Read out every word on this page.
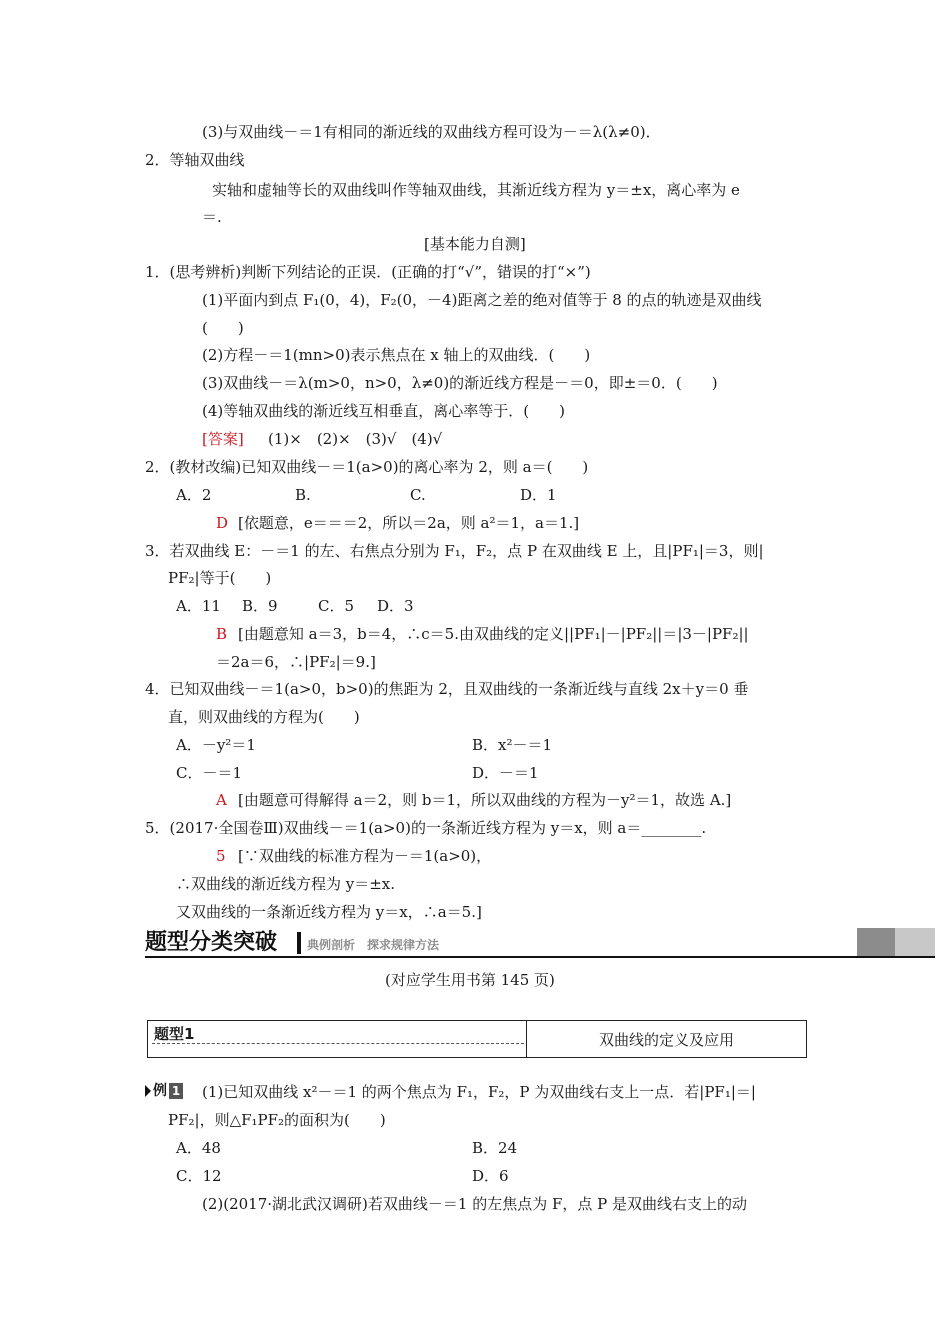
(3)与双曲线－＝1有相同的渐近线的双曲线方程可设为－＝λ(λ≠0)．
2．等轴双曲线
实轴和虚轴等长的双曲线叫作等轴双曲线，其渐近线方程为 y＝±x，离心率为 e
＝.
[基本能力自测]
1．(思考辨析)判断下列结论的正误．(正确的打“√”，错误的打“×”)
(1)平面内到点 F₁(0，4)，F₂(0，－4)距离之差的绝对值等于 8 的点的轨迹是双曲线
(　　)
(2)方程－＝1(mn>0)表示焦点在 x 轴上的双曲线．(　　)
(3)双曲线－＝λ(m>0，n>0，λ≠0)的渐近线方程是－＝0，即±＝0．(　　)
(4)等轴双曲线的渐近线互相垂直，离心率等于．(　　)
[答案] (1)×　(2)×　(3)√　(4)√
2．(教材改编)已知双曲线－＝1(a>0)的离心率为 2，则 a＝(　　)
A．2	B.	C.	D．1
D [依题意，e＝＝＝2，所以＝2a，则 a²＝1，a＝1.]
3．若双曲线 E：－＝1 的左、右焦点分别为 F₁，F₂，点 P 在双曲线 E 上，且|PF₁|＝3，则|
PF₂|等于(　　)
A．11 B．9	C．5 D．3
B [由题意知 a＝3，b＝4，∴c＝5.由双曲线的定义||PF₁|－|PF₂||＝|3－|PF₂||
＝2a＝6，∴|PF₂|＝9.]
4．已知双曲线－＝1(a>0，b>0)的焦距为 2，且双曲线的一条渐近线与直线 2x＋y＝0 垂
直，则双曲线的方程为(　　)
A．－y²＝1	B．x²－＝1
C．－＝1	D．－＝1
A [由题意可得解得 a＝2，则 b＝1，所以双曲线的方程为－y²＝1，故选 A.]
5．(2017·全国卷Ⅲ)双曲线－＝1(a>0)的一条渐近线方程为 y＝x，则 a＝________.
5 [∵双曲线的标准方程为－＝1(a>0)，
∴双曲线的渐近线方程为 y＝±x.
又双曲线的一条渐近线方程为 y＝x，∴a＝5.]
题型分类突破 典例剖析　探求规律方法
(对应学生用书第 145 页)
题型1	双曲线的定义及应用
例 1 (1)已知双曲线 x²－＝1 的两个焦点为 F₁，F₂，P 为双曲线右支上一点．若|PF₁|＝|
PF₂|，则△F₁PF₂的面积为(　　)
A．48	B．24
C．12	D．6
(2)(2017·湖北武汉调研)若双曲线－＝1 的左焦点为 F，点 P 是双曲线右支上的动
